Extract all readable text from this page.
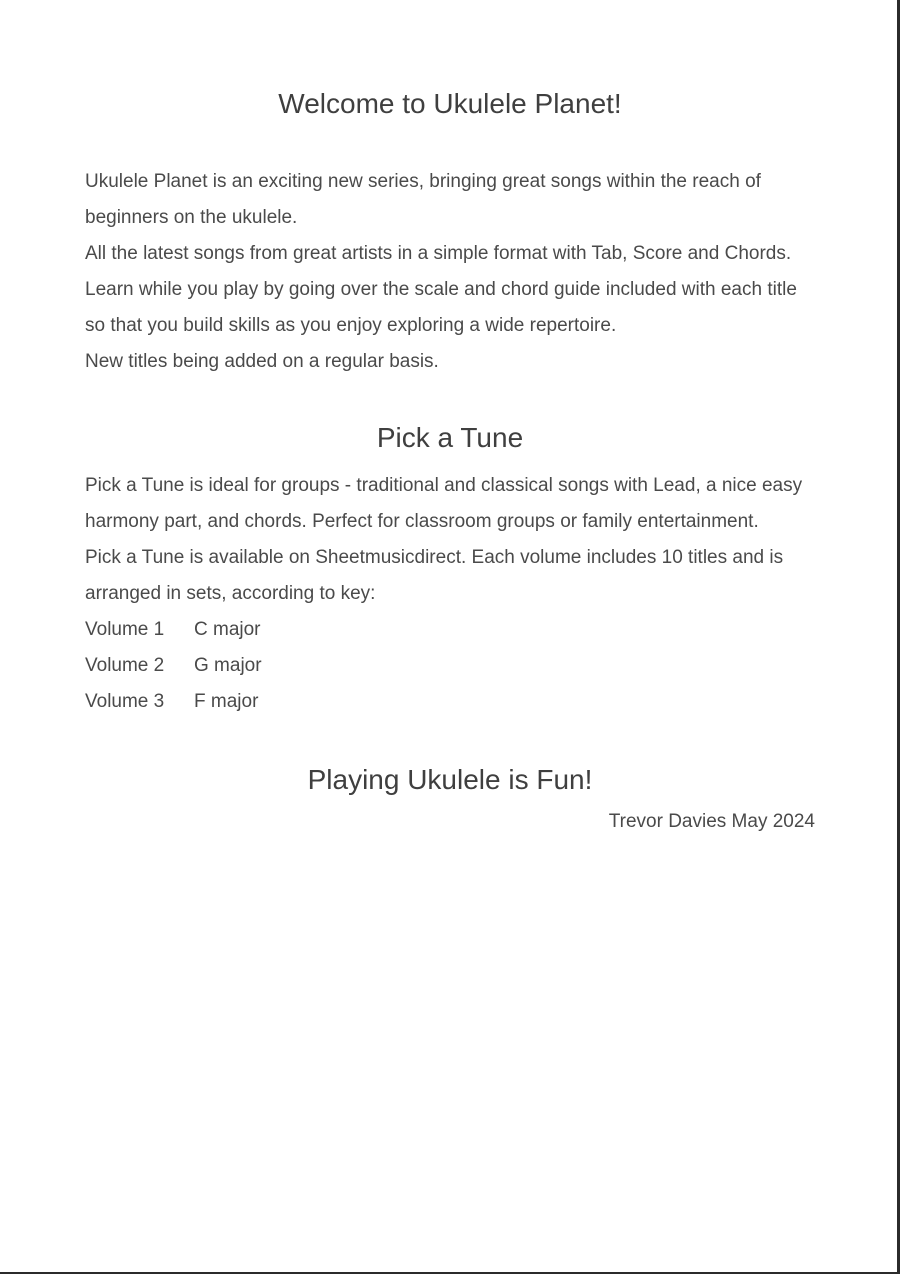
Welcome to Ukulele Planet!

Ukulele Planet is an exciting new series, bringing great songs within the reach of beginners on the ukulele.

All the latest songs from great artists in a simple format with Tab, Score and Chords.

Learn while you play by going over the scale and chord guide included with each title so that you build skills as you enjoy exploring a wide repertoire.

New titles being added on a regular basis.

Pick a Tune

Pick a Tune is ideal for groups - traditional and classical songs with Lead, a nice easy harmony part, and chords. Perfect for classroom groups or family entertainment.

Pick a Tune is available on Sheetmusicdirect. Each volume includes 10 titles and is arranged in sets, according to key:

Volume 1	C major
Volume 2	G major
Volume 3	F major
Playing Ukulele is Fun!
Trevor Davies May 2024
